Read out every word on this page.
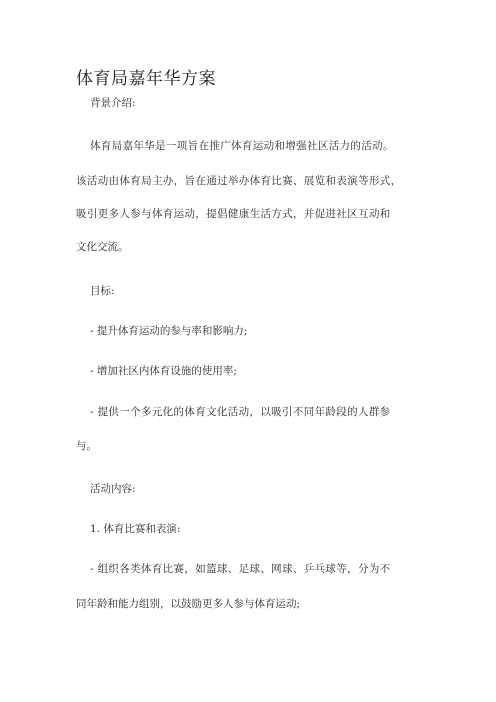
体育局嘉年华方案

背景介绍:

体育局嘉年华是一项旨在推广体育运动和增强社区活力的活动。

该活动由体育局主办，旨在通过举办体育比赛、展览和表演等形式，

吸引更多人参与体育运动，提倡健康生活方式，并促进社区互动和

文化交流。

目标:

- 提升体育运动的参与率和影响力;

- 增加社区内体育设施的使用率;

- 提供一个多元化的体育文化活动，以吸引不同年龄段的人群参

与。

活动内容:

1. 体育比赛和表演:

- 组织各类体育比赛，如篮球、足球、网球、乒乓球等，分为不

同年龄和能力组别，以鼓励更多人参与体育运动;
